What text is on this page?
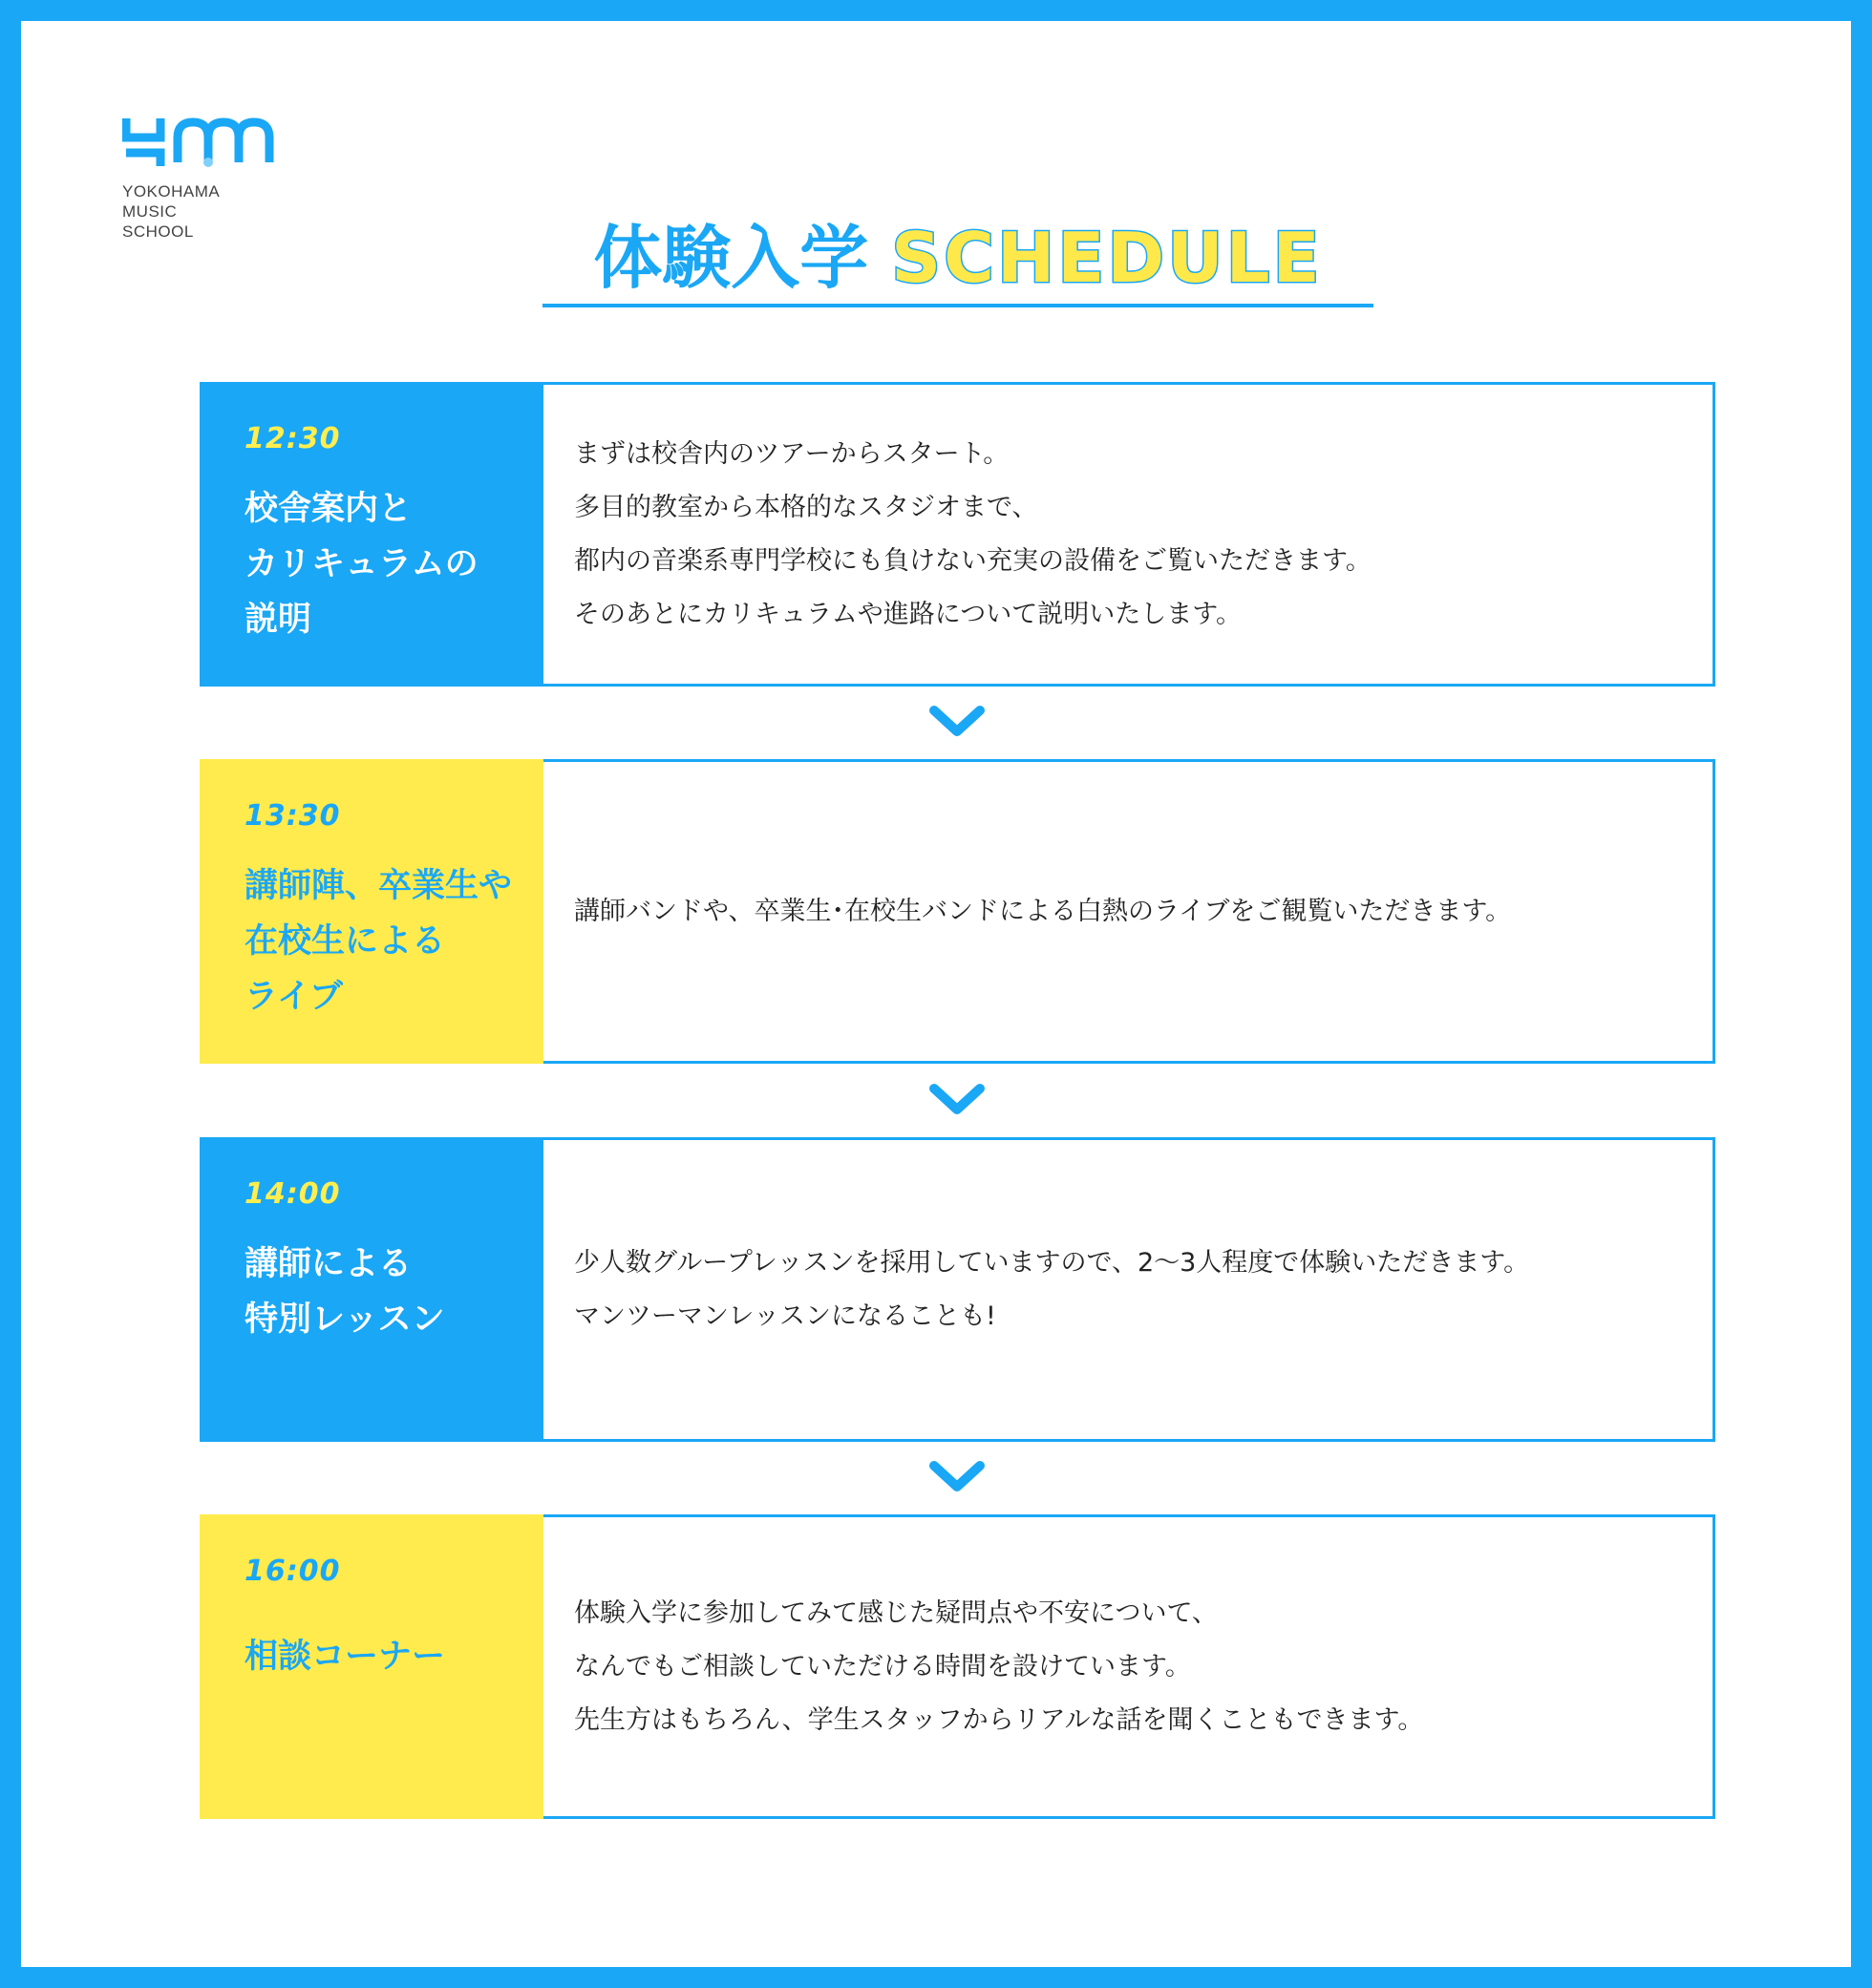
YOKOHAMA
MUSIC
SCHOOL	体験入学 SCHEDULE
12:30
校舎案内と
カリキュラムの
説明
まずは校舎内のツアーからスタート。
多目的教室から本格的なスタジオまで、
都内の音楽系専門学校にも負けない充実の設備をご覧いただきます。
そのあとにカリキュラムや進路について説明いたします。
13:30
講師陣、卒業生や
在校生による
ライブ
講師バンドや、卒業生･在校生バンドによる白熱のライブをご観覧いただきます。
14:00
講師による
特別レッスン
少人数グループレッスンを採用していますので、2〜3人程度で体験いただきます。
マンツーマンレッスンになることも!
16:00
相談コーナー
体験入学に参加してみて感じた疑問点や不安について、
なんでもご相談していただける時間を設けています。
先生方はもちろん、学生スタッフからリアルな話を聞くこともできます。
